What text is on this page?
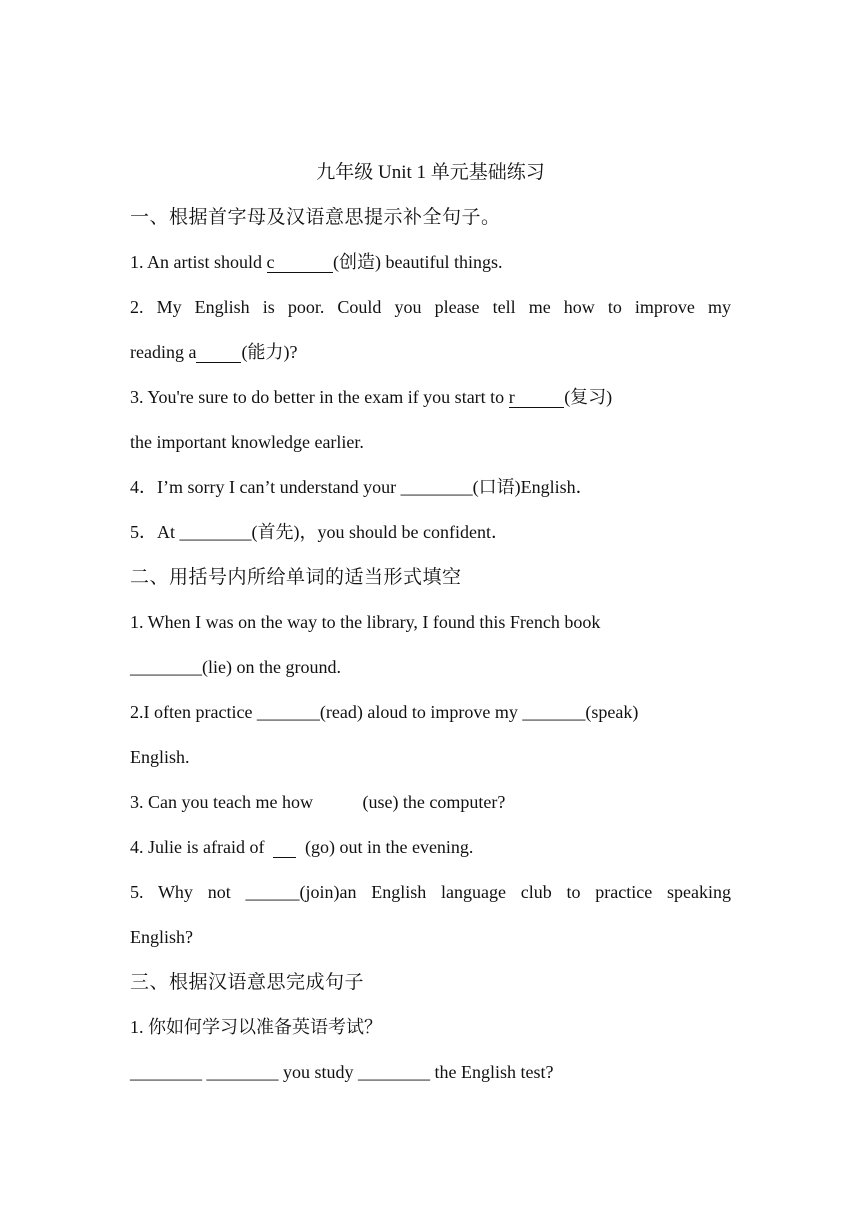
九年级 Unit 1 单元基础练习

一、根据首字母及汉语意思提示补全句子。

1. An artist should c	(创造) beautiful things.

2. My English is poor. Could you please tell me how to improve my

reading a	(能力)?

3. You're sure to do better in the exam if you start to r	(复习)

the important knowledge earlier.

4．I’m sorry I can’t understand your ________(口语)English．

5．At ________(首先)，you should be confident．

二、用括号内所给单词的适当形式填空

1. When I was on the way to the library, I found this French book

________(lie) on the ground.

2.I often practice _______(read) aloud to improve my _______(speak)

English.

3. Can you teach me how           (use) the computer?

4. Julie is afraid of         (go) out in the evening.

5. Why not ______(join)an English language club to practice speaking

English?

三、根据汉语意思完成句子

1. 你如何学习以准备英语考试？

________ ________ you study ________ the English test?
